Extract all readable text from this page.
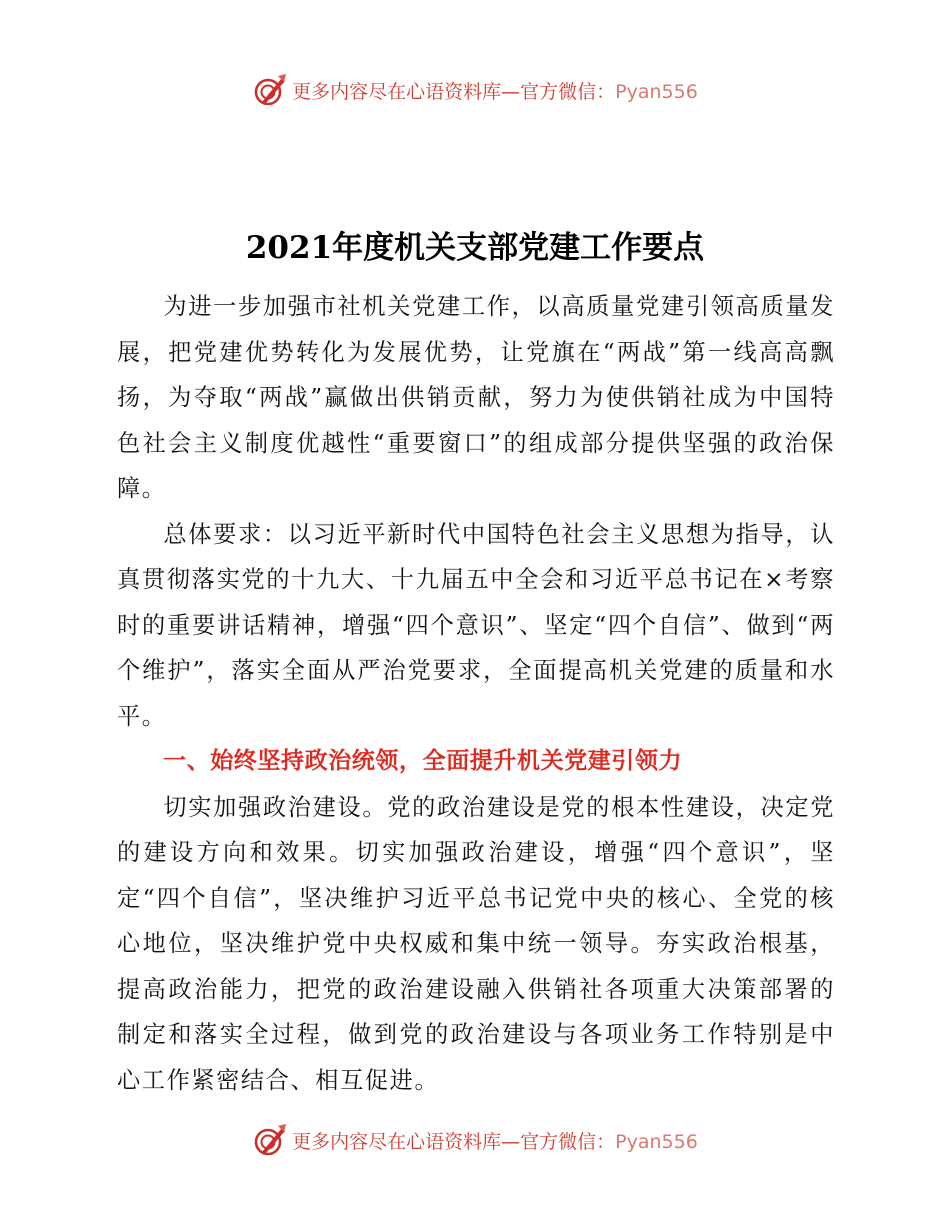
更多内容尽在心语资料库—官方微信：Pyan556
2021年度机关支部党建工作要点

为进一步加强市社机关党建工作，以高质量党建引领高质量发展，把党建优势转化为发展优势，让党旗在“两战”第一线高高飘扬，为夺取“两战”赢做出供销贡献，努力为使供销社成为中国特色社会主义制度优越性“重要窗口”的组成部分提供坚强的政治保障。

总体要求：以习近平新时代中国特色社会主义思想为指导，认真贯彻落实党的十九大、十九届五中全会和习近平总书记在×考察时的重要讲话精神，增强“四个意识”、坚定“四个自信”、做到“两个维护”，落实全面从严治党要求，全面提高机关党建的质量和水平。

一、始终坚持政治统领，全面提升机关党建引领力

切实加强政治建设。党的政治建设是党的根本性建设，决定党的建设方向和效果。切实加强政治建设，增强“四个意识”，坚定“四个自信”，坚决维护习近平总书记党中央的核心、全党的核心地位，坚决维护党中央权威和集中统一领导。夯实政治根基，提高政治能力，把党的政治建设融入供销社各项重大决策部署的制定和落实全过程，做到党的政治建设与各项业务工作特别是中心工作紧密结合、相互促进。

更多内容尽在心语资料库—官方微信：Pyan556
